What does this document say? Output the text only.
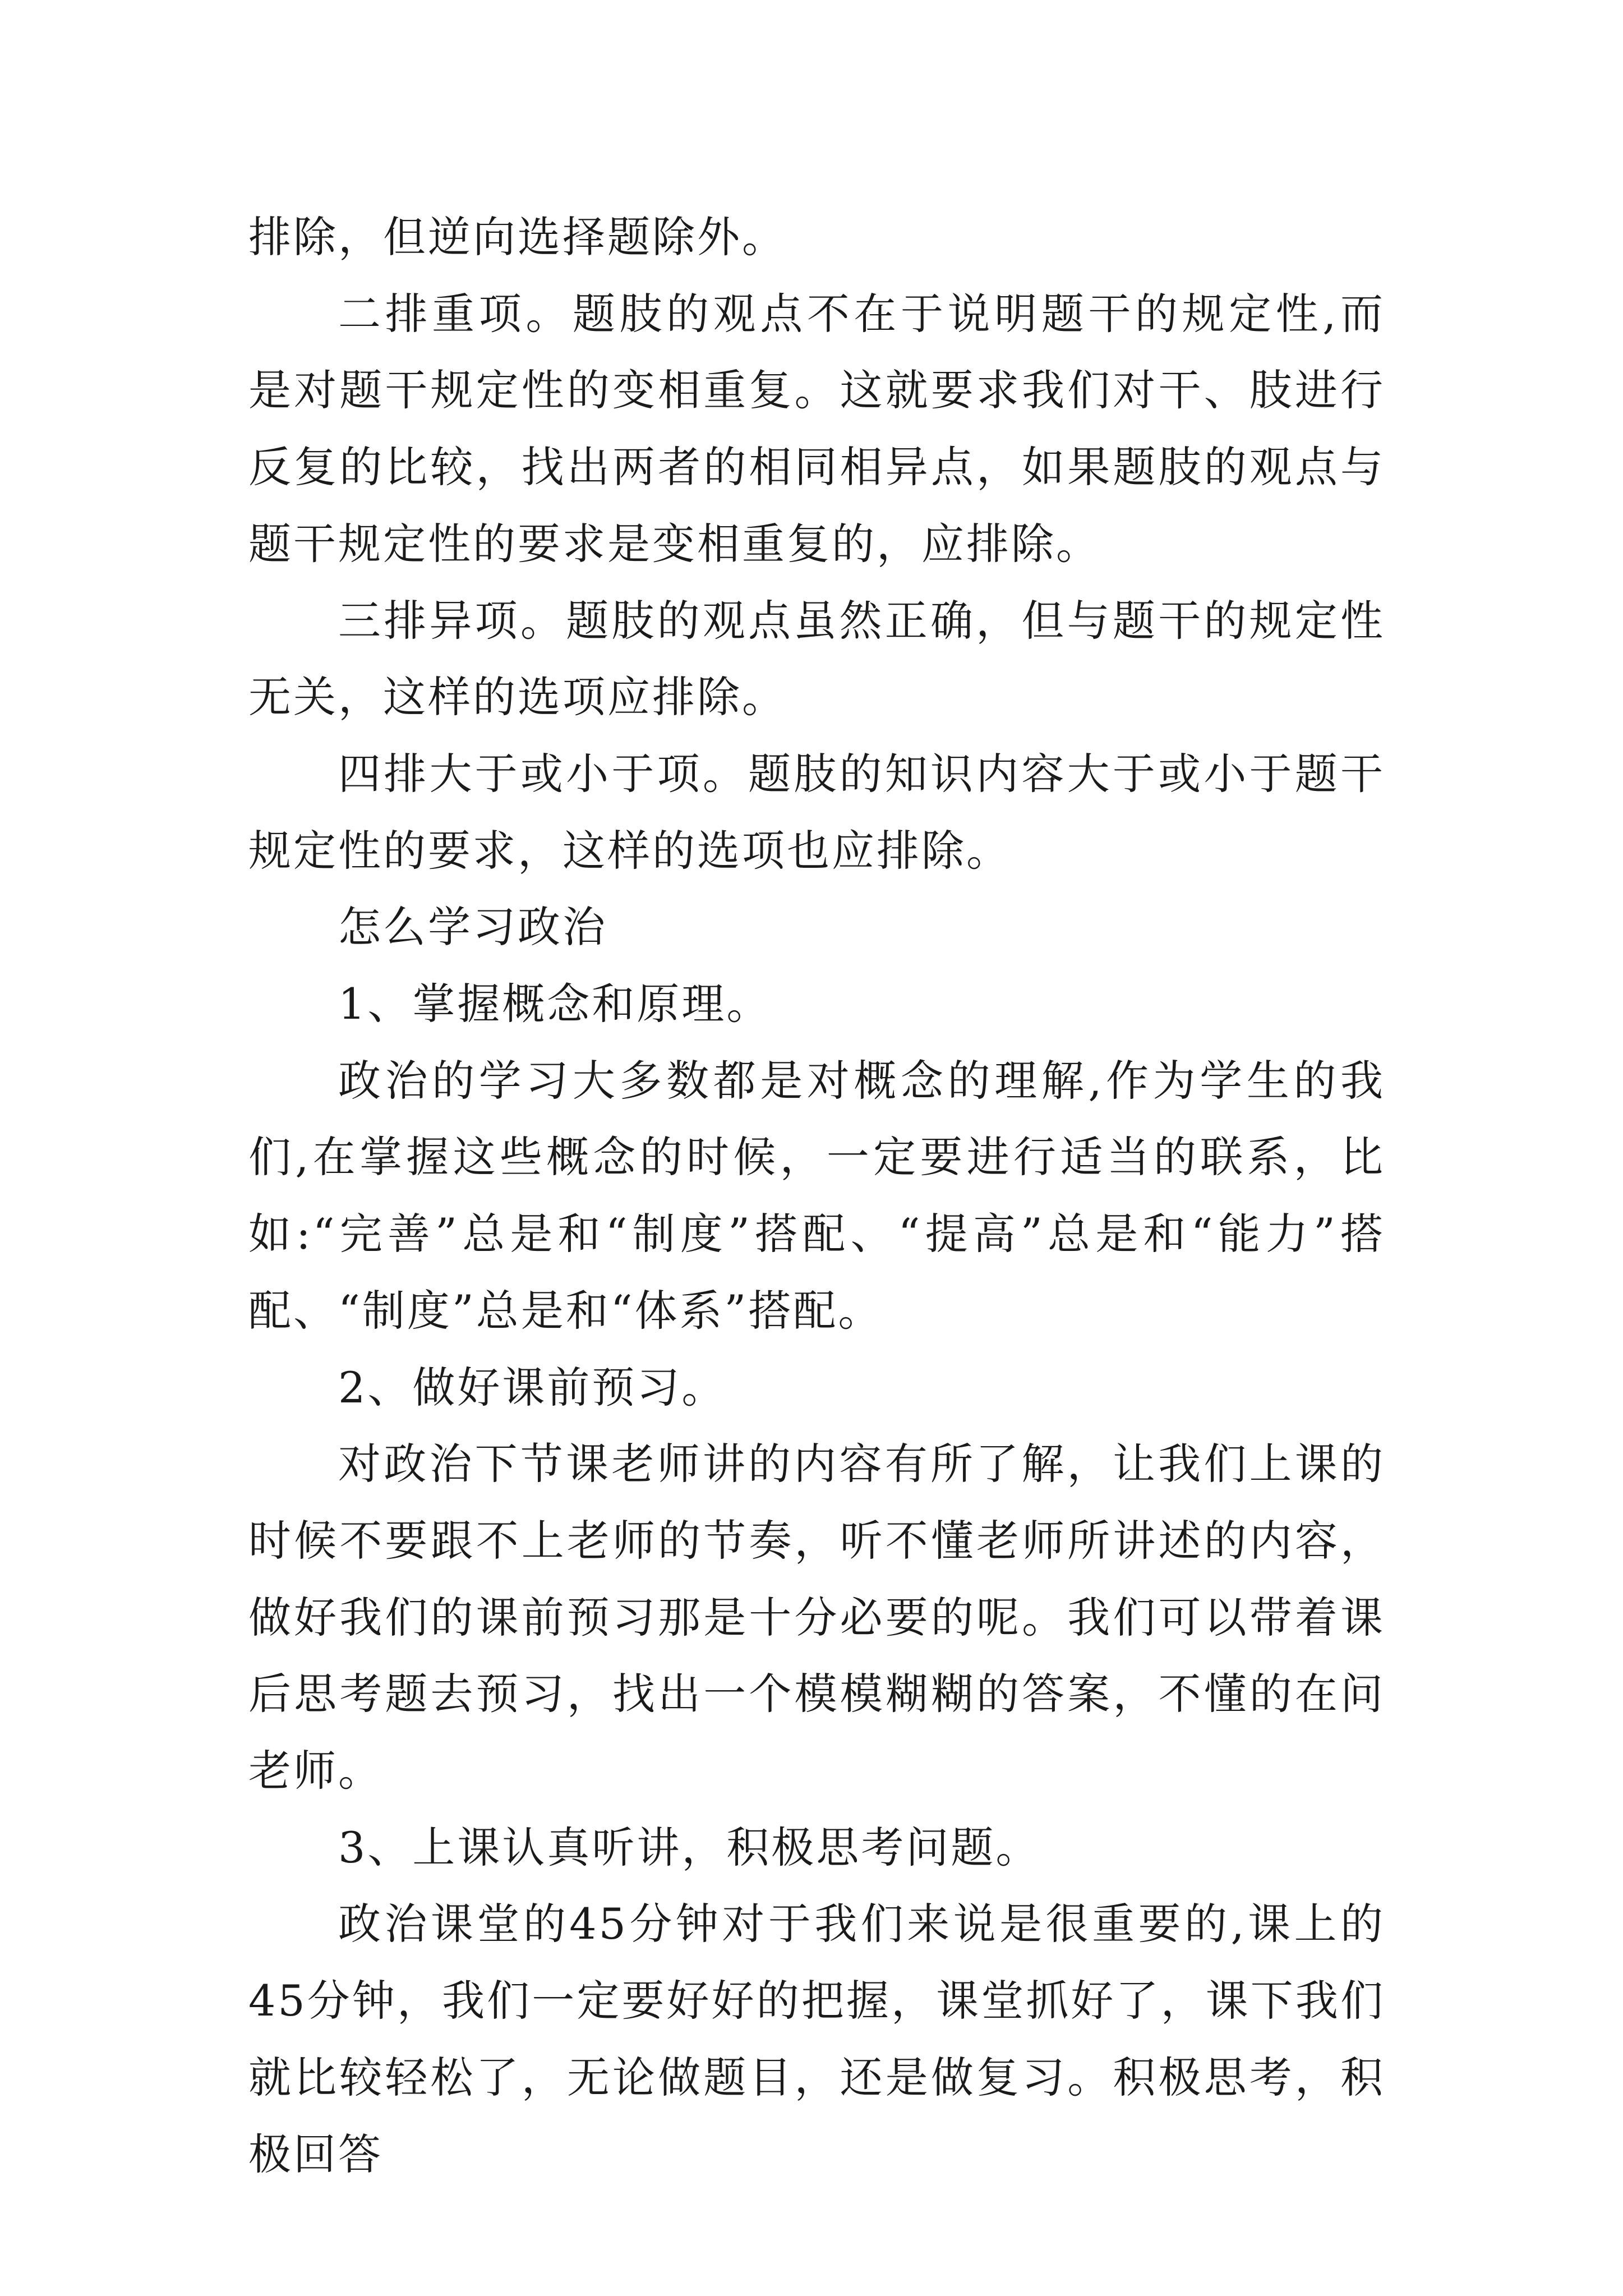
排除，但逆向选择题除外。

二排重项。题肢的观点不在于说明题干的规定性,而是对题干规定性的变相重复。这就要求我们对干、肢进行反复的比较，找出两者的相同相异点，如果题肢的观点与题干规定性的要求是变相重复的，应排除。

三排异项。题肢的观点虽然正确，但与题干的规定性无关，这样的选项应排除。

四排大于或小于项。题肢的知识内容大于或小于题干规定性的要求，这样的选项也应排除。

怎么学习政治

1、掌握概念和原理。

政治的学习大多数都是对概念的理解,作为学生的我们,在掌握这些概念的时候，一定要进行适当的联系，比如:“完善”总是和“制度”搭配、“提高”总是和“能力”搭配、“制度”总是和“体系”搭配。

2、做好课前预习。

对政治下节课老师讲的内容有所了解，让我们上课的时候不要跟不上老师的节奏，听不懂老师所讲述的内容，做好我们的课前预习那是十分必要的呢。我们可以带着课后思考题去预习，找出一个模模糊糊的答案，不懂的在问老师。

3、上课认真听讲，积极思考问题。

政治课堂的45分钟对于我们来说是很重要的,课上的45分钟，我们一定要好好的把握，课堂抓好了，课下我们就比较轻松了，无论做题目，还是做复习。积极思考，积极回答
